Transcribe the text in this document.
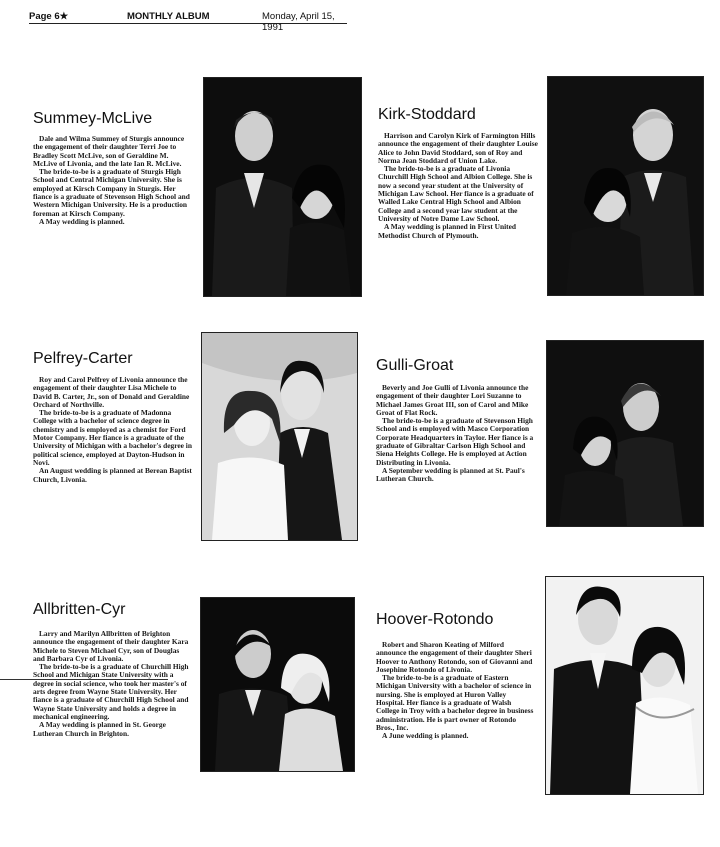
Page 6★	MONTHLY ALBUM	Monday, April 15, 1991
Summey-McLive

Dale and Wilma Summey of Sturgis announce the engagement of their daughter Terri Joe to Bradley Scott McLive, son of Geraldine M. McLive of Livonia, and the late Ian R. McLive.

The bride-to-be is a graduate of Sturgis High School and Central Michigan University. She is employed at Kirsch Company in Sturgis. Her fiance is a graduate of Stevenson High School and Western Michigan University. He is a production foreman at Kirsch Company.

A May wedding is planned.

Kirk-Stoddard

Harrison and Carolyn Kirk of Farmington Hills announce the engagement of their daughter Louise Alice to John David Stoddard, son of Roy and Norma Jean Stoddard of Union Lake.

The bride-to-be is a graduate of Livonia Churchill High School and Albion College. She is now a second year student at the University of Michigan Law School. Her fiance is a graduate of Walled Lake Central High School and Albion College and a second year law student at the University of Notre Dame Law School.

A May wedding is planned in First United Methodist Church of Plymouth.

Pelfrey-Carter

Roy and Carol Pelfrey of Livonia announce the engagement of their daughter Lisa Michele to David B. Carter, Jr., son of Donald and Geraldine Orchard of Northville.

The bride-to-be is a graduate of Madonna College with a bachelor of science degree in chemistry and is employed as a chemist for Ford Motor Company. Her fiance is a graduate of the University of Michigan with a bachelor's degree in political science, employed at Dayton-Hudson in Novi.

An August wedding is planned at Berean Baptist Church, Livonia.

Gulli-Groat

Beverly and Joe Gulli of Livonia announce the engagement of their daughter Lori Suzanne to Michael James Groat III, son of Carol and Mike Groat of Flat Rock.

The bride-to-be is a graduate of Stevenson High School and is employed with Masco Corporation Corporate Headquarters in Taylor. Her fiance is a graduate of Gibraltar Carlson High School and Siena Heights College. He is employed at Action Distributing in Livonia.

A September wedding is planned at St. Paul's Lutheran Church.

Allbritten-Cyr

Larry and Marilyn Allbritten of Brighton announce the engagement of their daughter Kara Michele to Steven Michael Cyr, son of Douglas and Barbara Cyr of Livonia.

The bride-to-be is a graduate of Churchill High School and Michigan State University with a degree in social science, who took her master's of arts degree from Wayne State University. Her fiance is a graduate of Churchill High School and Wayne State University and holds a degree in mechanical engineering.

A May wedding is planned in St. George Lutheran Church in Brighton.

Hoover-Rotondo

Robert and Sharon Keating of Milford announce the engagement of their daughter Sheri Hoover to Anthony Rotondo, son of Giovanni and Josephine Rotondo of Livonia.

The bride-to-be is a graduate of Eastern Michigan University with a bachelor of science in nursing. She is employed at Huron Valley Hospital. Her fiance is a graduate of Walsh College in Troy with a bachelor degree in business administration. He is part owner of Rotondo Bros., Inc.

A June wedding is planned.
